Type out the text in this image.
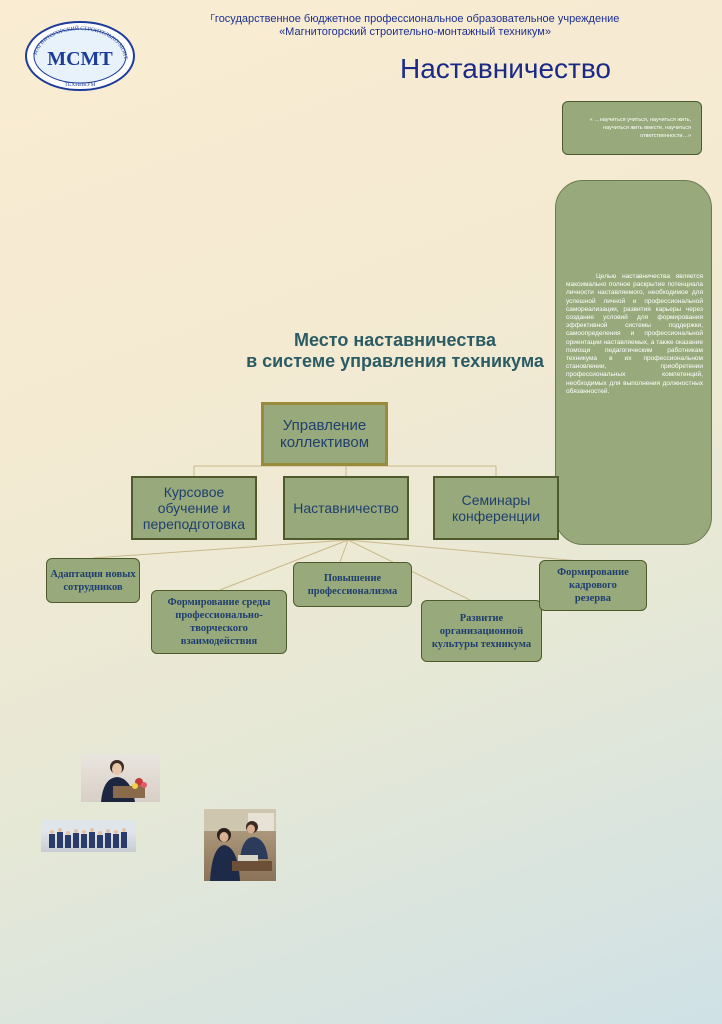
$^Г$государственное бюджетное профессиональное образовательное учреждение
«Магнитогорский строительно-монтажный техникум»
МАГНИТОГОРСКИЙ СТРОИТЕЛЬНО-МОНТ
МСМТ
ТЕХНИКУМ
Наставничество
« …научиться учиться, научиться жить, научиться жить вместе, научиться ответственности…»
Целью наставничества является максимально полное раскрытие потенциала личности наставляемого, необходимое для успешной личной и профессиональной самореализации, развития карьеры через создание условий для формирования эффективной системы поддержки, самоопределения и профессиональной ориентации наставляемых, а также оказание помощи педагогическим работникам техникума в их профессиональном становлении, приобретении профессиональных компетенций, необходимых для выполнения должностных обязанностей.
Место наставничества
в системе управления техникума
Управление коллективом
Курсовое обучение и переподготовка
Наставничество	Семинары конференции
Адаптация новых сотрудников
Формирование среды профессионально-творческого взаимодействия
Повышение профессионализма
Развитие организационной культуры техникума
Формирование кадрового резерва
